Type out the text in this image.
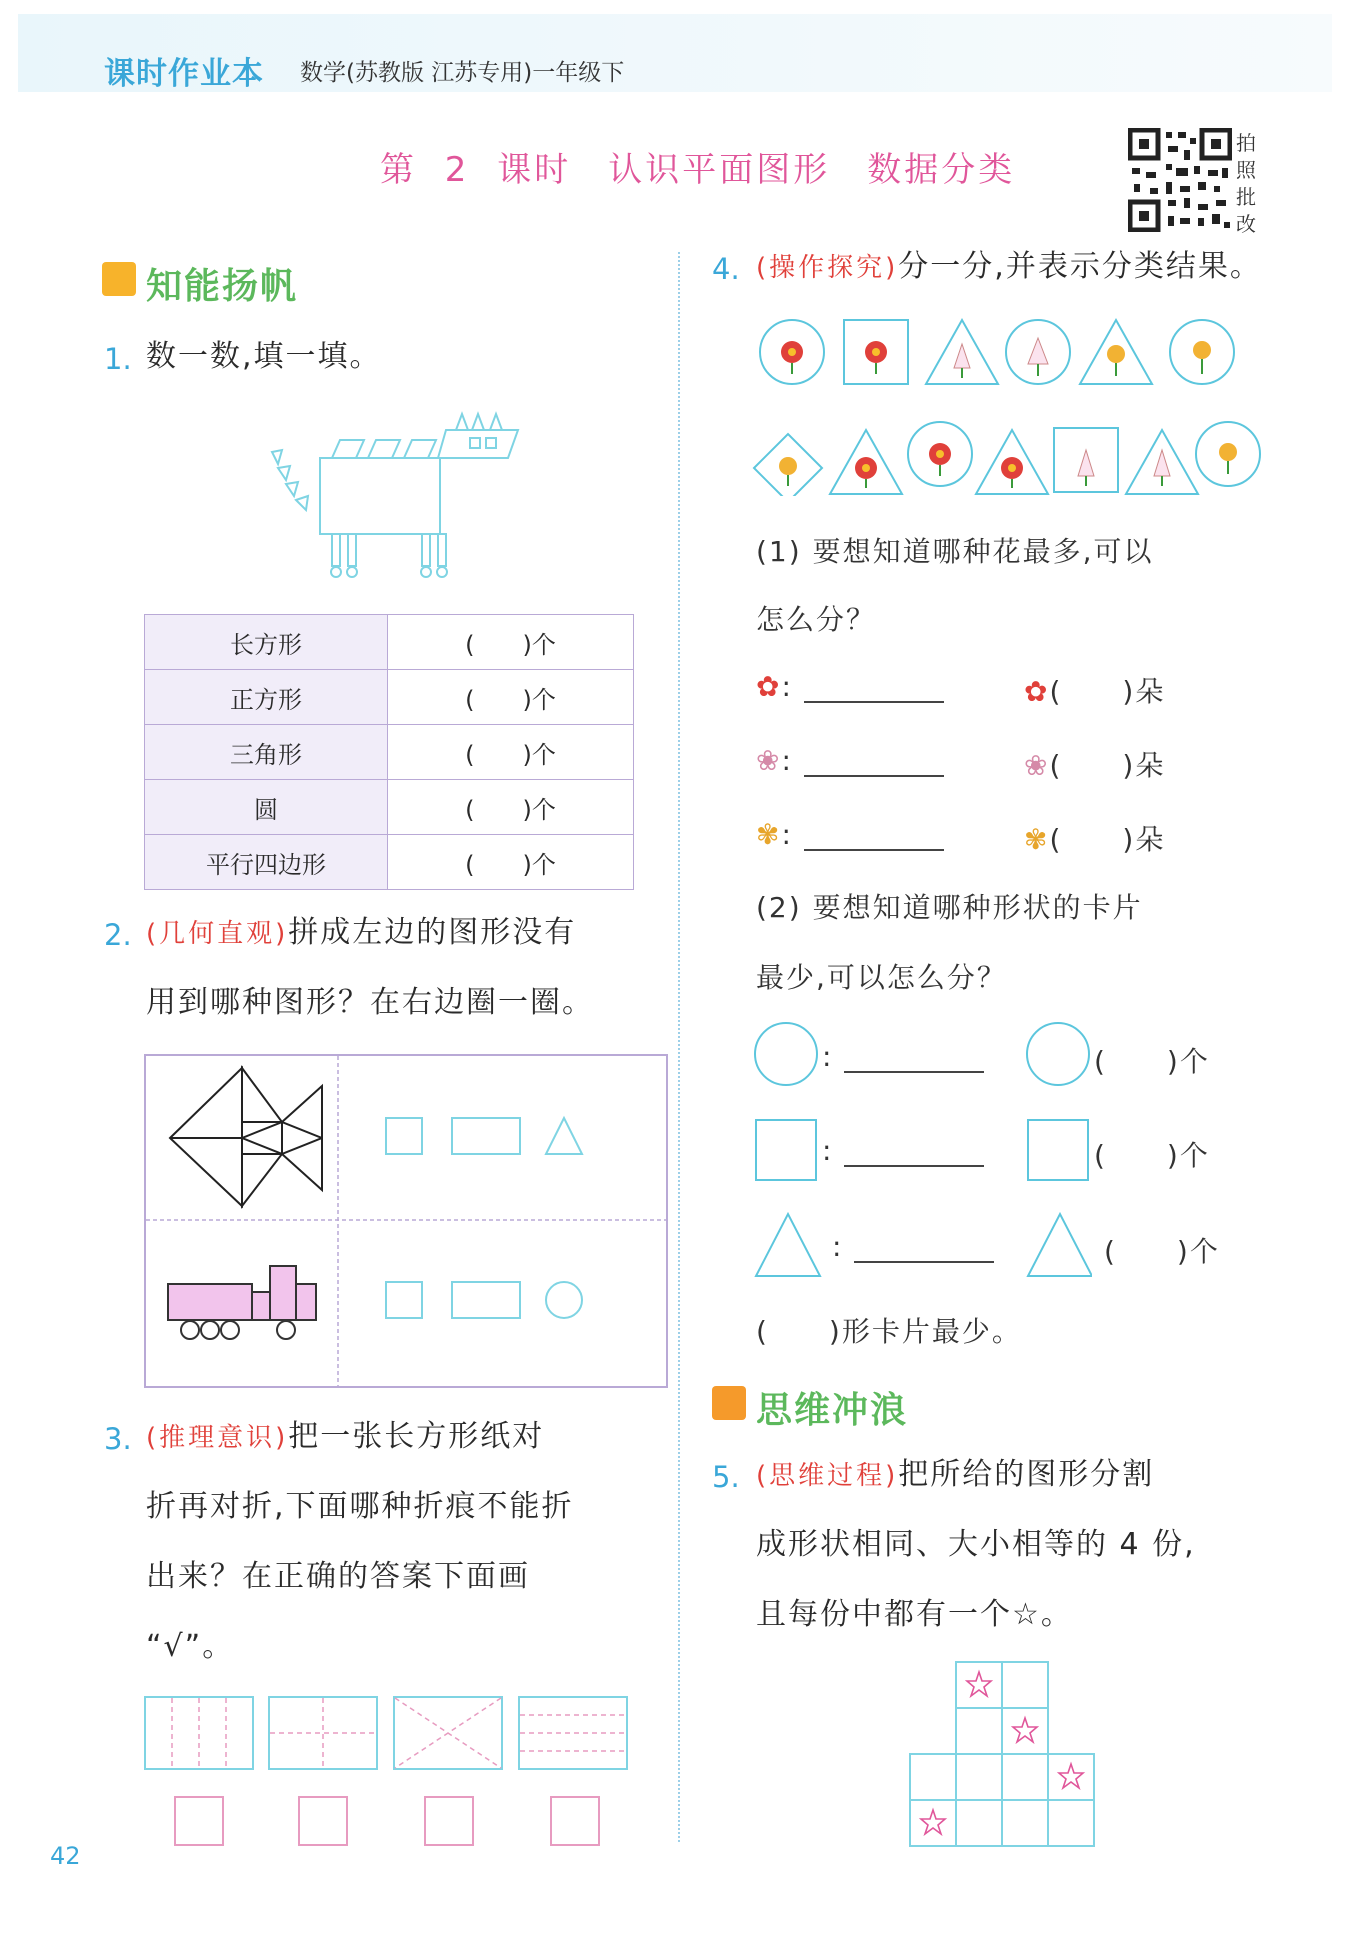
课时作业本 数学(苏教版 江苏专用)一年级下
第 2 课时　认识平面图形　数据分类
拍照批改
知能扬帆
1. 数一数,填一填。
长方形	(　　)个
正方形	(　　)个
三角形	(　　)个
圆	(　　)个
平行四边形	(　　)个
2. (几何直观)拼成左边的图形没有
用到哪种图形？在右边圈一圈。
3. (推理意识)把一张长方形纸对
折再对折,下面哪种折痕不能折
出来？在正确的答案下面画
“√”。
4. (操作探究)分一分,并表示分类结果。
(1) 要想知道哪种花最多,可以
怎么分？
✿:	✿(　　)朵
❀:	❀(　　)朵
✾:	✾(　　)朵
(2) 要想知道哪种形状的卡片
最少,可以怎么分？
:	(　　)个
:	(　　)个
:	(　　)个
(　　)形卡片最少。
思维冲浪
5. (思维过程)把所给的图形分割
成形状相同、大小相等的 4 份,
且每份中都有一个☆。
42
